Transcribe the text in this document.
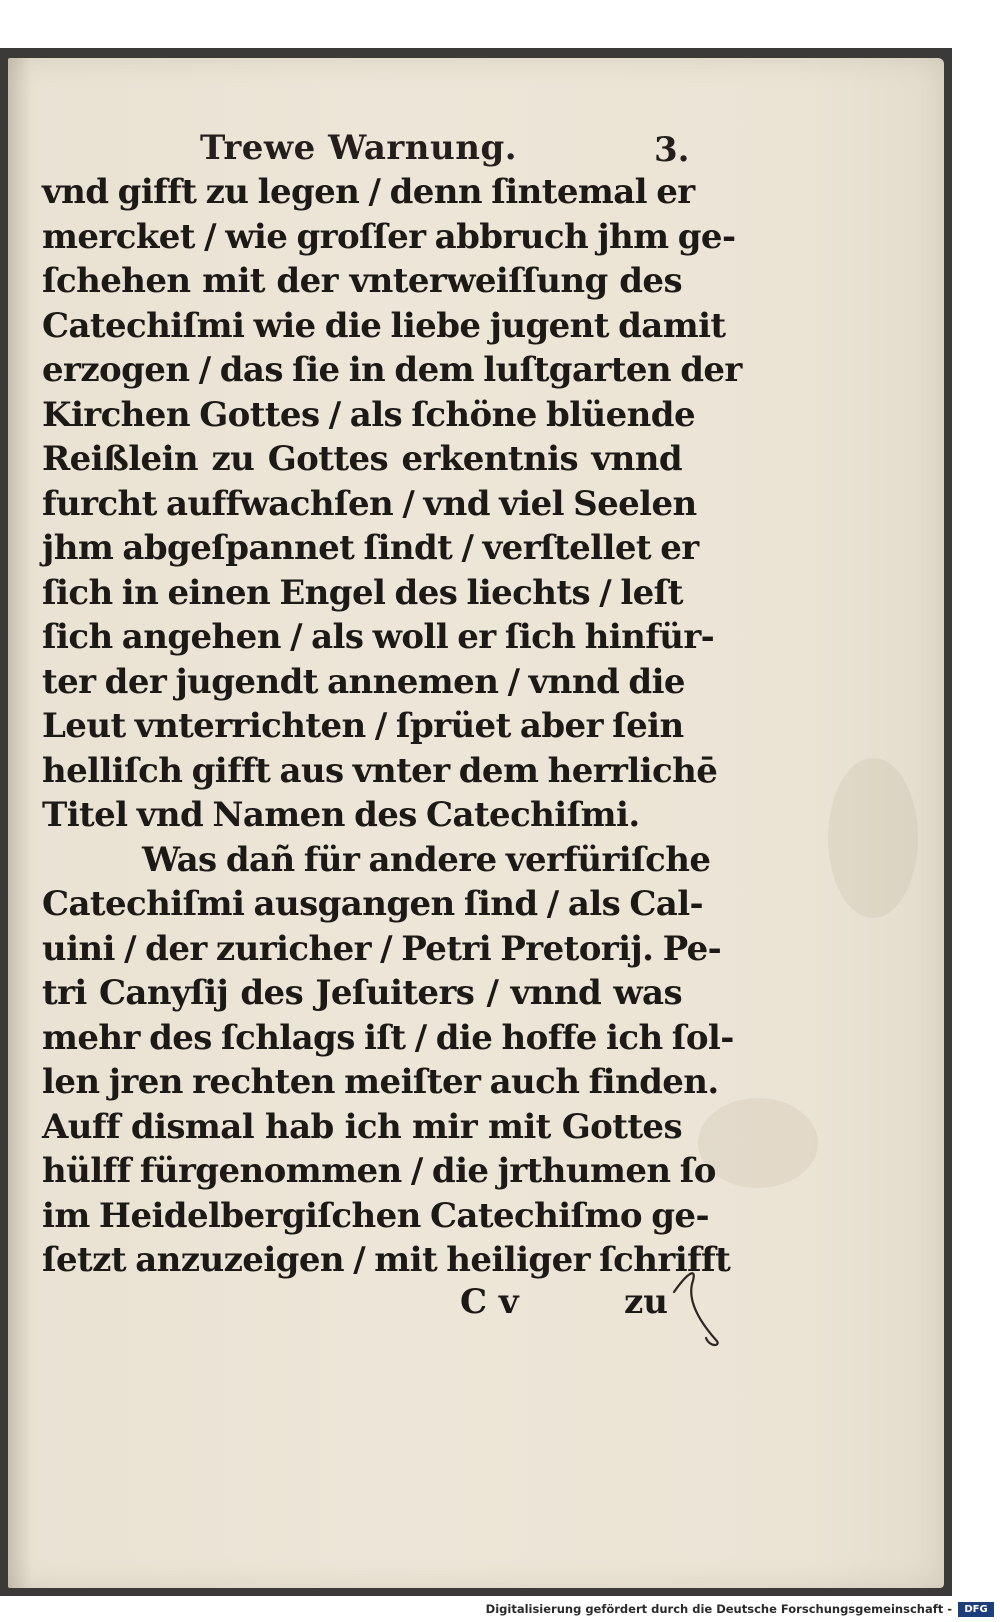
Trewe Warnung.	3.
vnd gifft zu legen / denn ſintemal er
mercket / wie groſſer abbruch jhm ge-
ſchehen mit der vnterweiſſung des
Catechiſmi wie die liebe jugent damit
erzogen / das ſie in dem luſtgarten der
Kirchen Gottes / als ſchöne blüende
Reißlein zu Gottes erkentnis vnnd
furcht auffwachſen / vnd viel Seelen
jhm abgeſpannet ſindt / verſtellet er
ſich in einen Engel des liechts / leſt
ſich angehen / als woll er ſich hinfür-
ter der jugendt annemen / vnnd die
Leut vnterrichten / ſprüet aber ſein
helliſch gifft aus vnter dem herrlichē
Titel vnd Namen des Catechiſmi.
Was dañ für andere verfüriſche
Catechiſmi ausgangen ſind / als Cal-
uini / der zuricher / Petri Pretorij. Pe-
tri Canyſij des Jeſuiters / vnnd was
mehr des ſchlags iſt / die hoffe ich ſol-
len jren rechten meiſter auch finden.
Auff dismal hab ich mir mit Gottes
hülff fürgenommen / die jrthumen ſo
im Heidelbergiſchen Catechiſmo ge-
ſetzt anzuzeigen / mit heiliger ſchrifft
C v	zu
Digitalisierung gefördert durch die Deutsche Forschungsgemeinschaft -	DFG
